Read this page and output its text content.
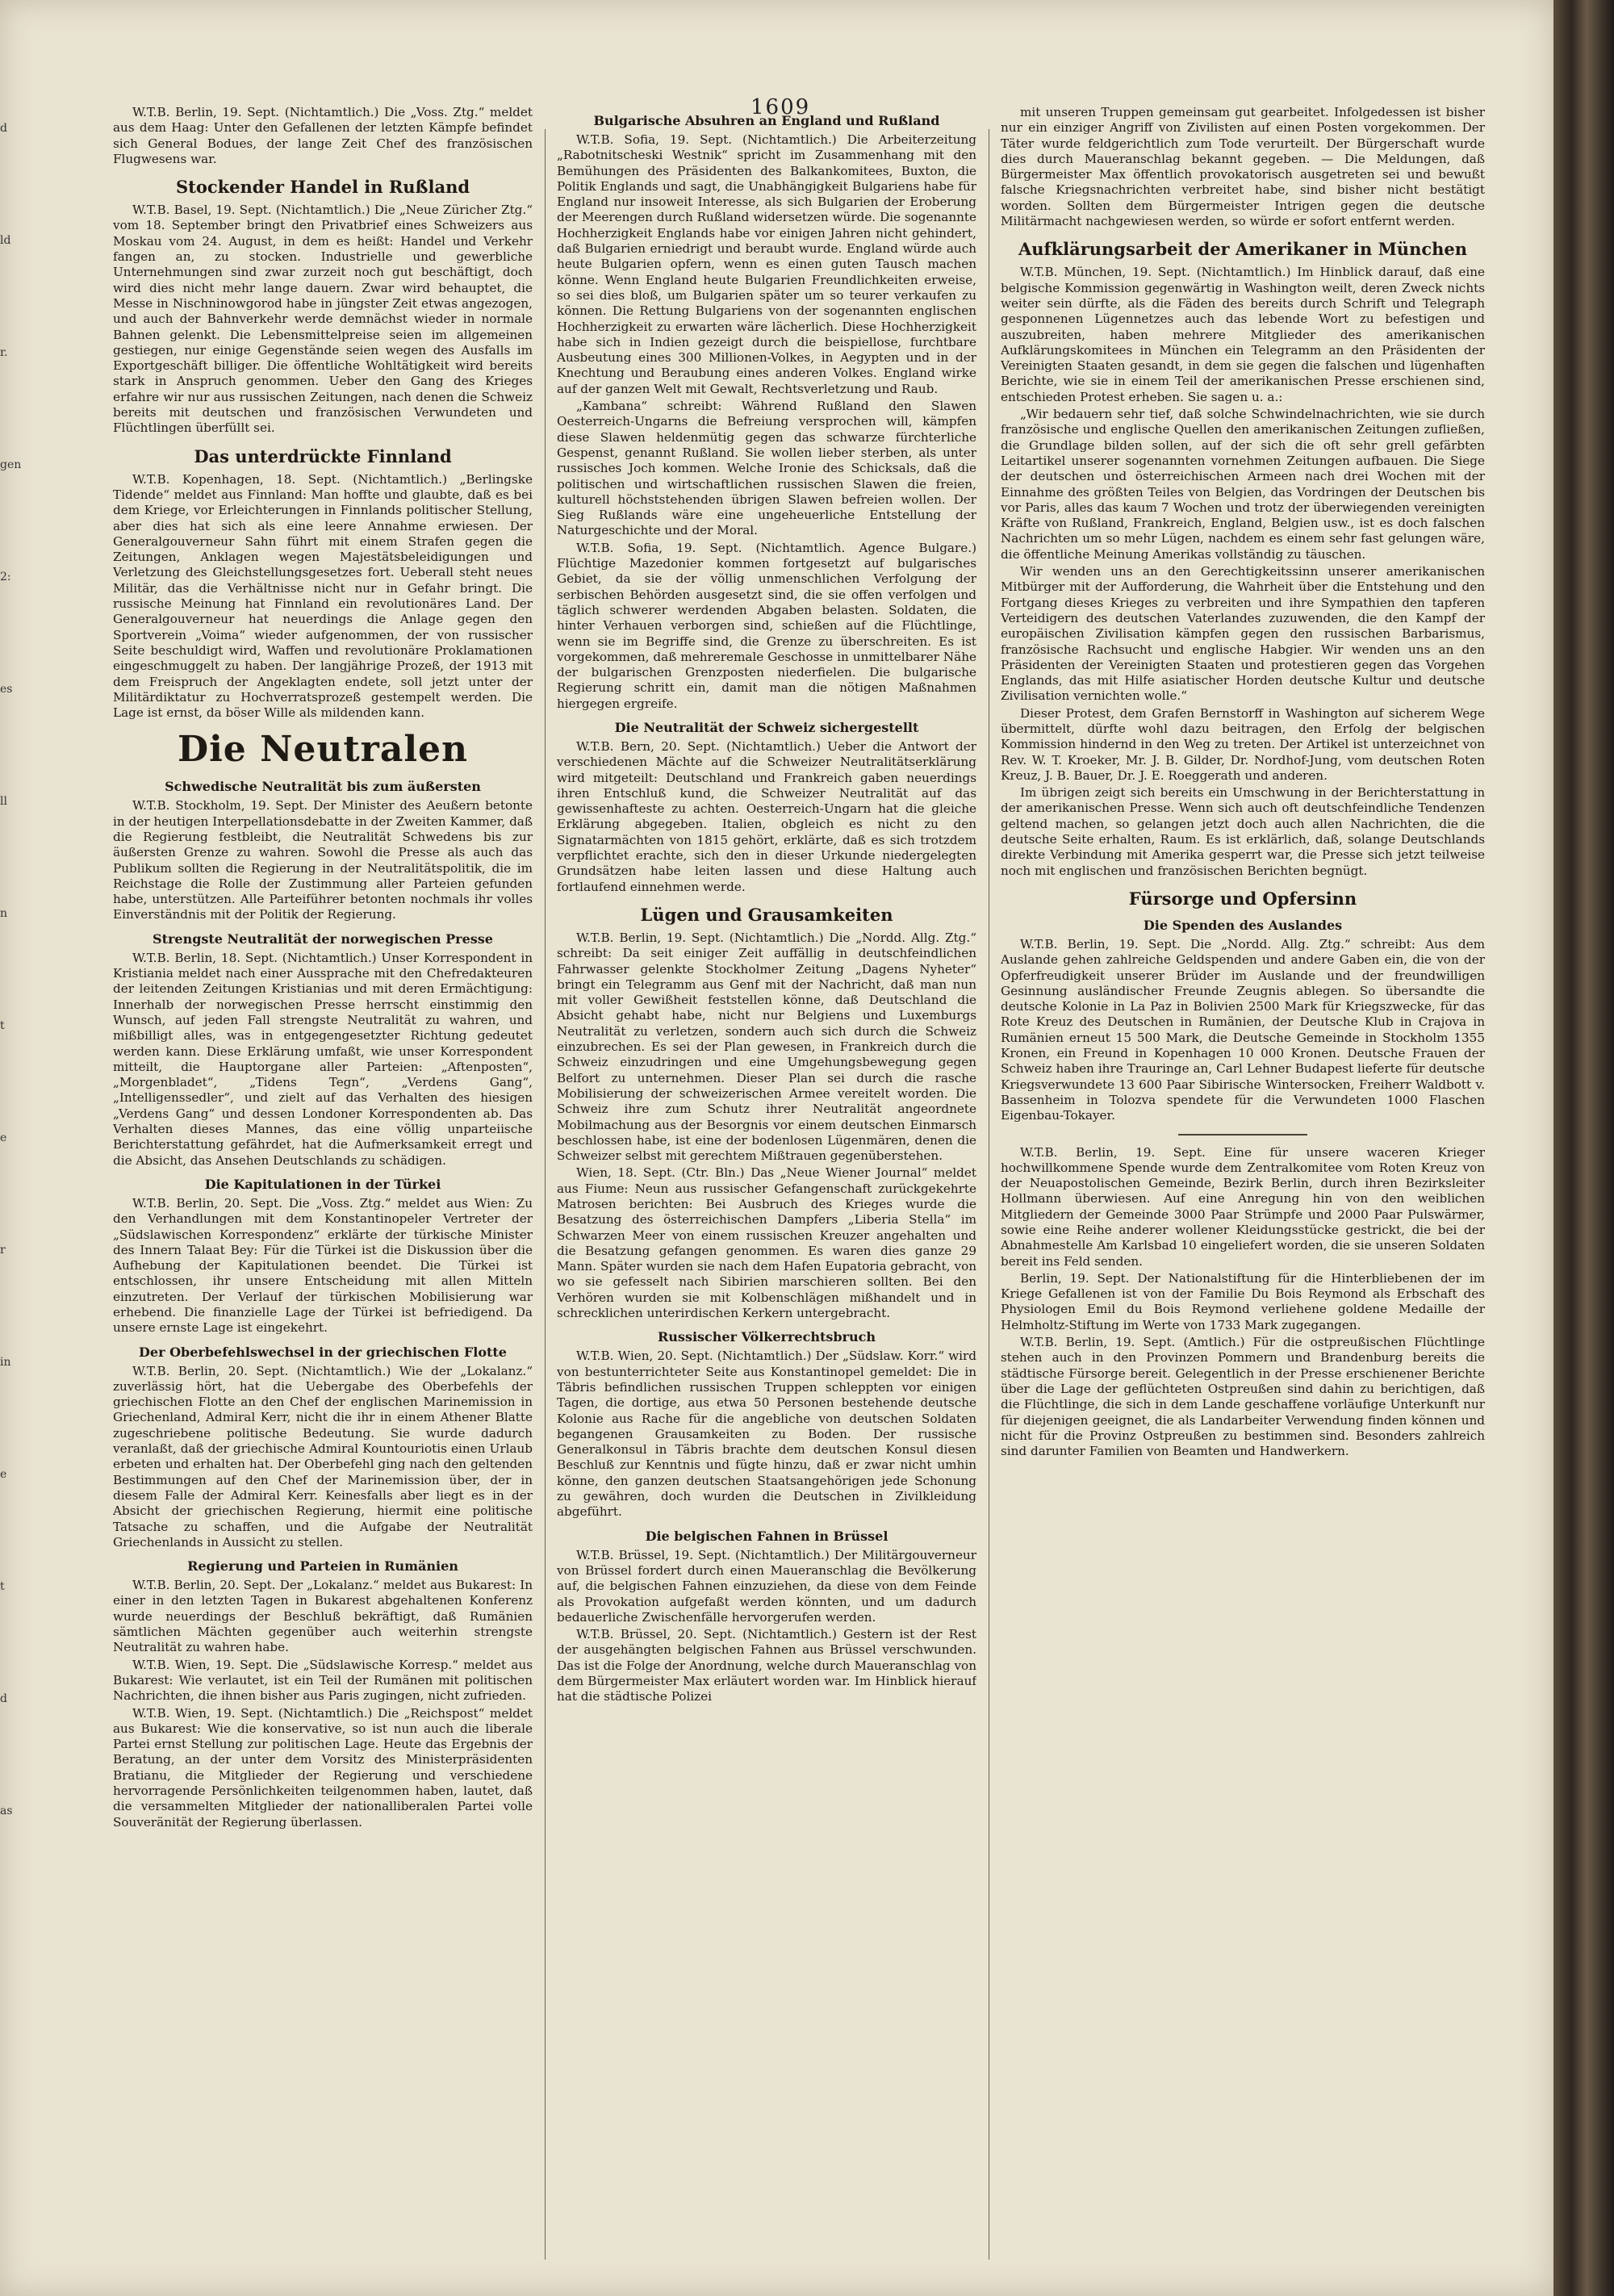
d
ld
r.
gen
2:
es
ll
n
t
e
r
in
e
t
d
as
1609

W.T.B. Berlin, 19. Sept. (Nichtamtlich.) Die „Voss. Ztg.“ meldet aus dem Haag: Unter den Gefallenen der letzten Kämpfe befindet sich General Bodues, der lange Zeit Chef des französischen Flugwesens war.

Stockender Handel in Rußland

W.T.B. Basel, 19. Sept. (Nichtamtlich.) Die „Neue Züricher Ztg.“ vom 18. September bringt den Privatbrief eines Schweizers aus Moskau vom 24. August, in dem es heißt: Handel und Verkehr fangen an, zu stocken. Industrielle und gewerbliche Unternehmungen sind zwar zurzeit noch gut beschäftigt, doch wird dies nicht mehr lange dauern. Zwar wird behauptet, die Messe in Nischninowgorod habe in jüngster Zeit etwas angezogen, und auch der Bahnverkehr werde demnächst wieder in normale Bahnen gelenkt. Die Lebensmittelpreise seien im allgemeinen gestiegen, nur einige Gegenstände seien wegen des Ausfalls im Exportgeschäft billiger. Die öffentliche Wohltätigkeit wird bereits stark in Anspruch genommen. Ueber den Gang des Krieges erfahre wir nur aus russischen Zeitungen, nach denen die Schweiz bereits mit deutschen und französischen Verwundeten und Flüchtlingen überfüllt sei.

Das unterdrückte Finnland

W.T.B. Kopenhagen, 18. Sept. (Nichtamtlich.) „Berlingske Tidende“ meldet aus Finnland: Man hoffte und glaubte, daß es bei dem Kriege, vor Erleichterungen in Finnlands politischer Stellung, aber dies hat sich als eine leere Annahme erwiesen. Der Generalgouverneur Sahn führt mit einem Strafen gegen die Zeitungen, Anklagen wegen Majestätsbeleidigungen und Verletzung des Gleichstellungsgesetzes fort. Ueberall steht neues Militär, das die Verhältnisse nicht nur in Gefahr bringt. Die russische Meinung hat Finnland ein revolutionäres Land. Der Generalgouverneur hat neuerdings die Anlage gegen den Sportverein „Voima“ wieder aufgenommen, der von russischer Seite beschuldigt wird, Waffen und revolutionäre Proklamationen eingeschmuggelt zu haben. Der langjährige Prozeß, der 1913 mit dem Freispruch der Angeklagten endete, soll jetzt unter der Militärdiktatur zu Hochverratsprozeß gestempelt werden. Die Lage ist ernst, da böser Wille als mildenden kann.

Die Neutralen
Schwedische Neutralität bis zum äußersten

W.T.B. Stockholm, 19. Sept. Der Minister des Aeußern betonte in der heutigen Interpellationsdebatte in der Zweiten Kammer, daß die Regierung festbleibt, die Neutralität Schwedens bis zur äußersten Grenze zu wahren. Sowohl die Presse als auch das Publikum sollten die Regierung in der Neutralitätspolitik, die im Reichstage die Rolle der Zustimmung aller Parteien gefunden habe, unterstützen. Alle Parteiführer betonten nochmals ihr volles Einverständnis mit der Politik der Regierung.

Strengste Neutralität der norwegischen Presse

W.T.B. Berlin, 18. Sept. (Nichtamtlich.) Unser Korrespondent in Kristiania meldet nach einer Aussprache mit den Chefredakteuren der leitenden Zeitungen Kristianias und mit deren Ermächtigung: Innerhalb der norwegischen Presse herrscht einstimmig den Wunsch, auf jeden Fall strengste Neutralität zu wahren, und mißbilligt alles, was in entgegengesetzter Richtung gedeutet werden kann. Diese Erklärung umfaßt, wie unser Korrespondent mitteilt, die Hauptorgane aller Parteien: „Aftenposten“, „Morgenbladet“, „Tidens Tegn“, „Verdens Gang“, „Intelligenssedler“, und zielt auf das Verhalten des hiesigen „Verdens Gang“ und dessen Londoner Korrespondenten ab. Das Verhalten dieses Mannes, das eine völlig unparteiische Berichterstattung gefährdet, hat die Aufmerksamkeit erregt und die Absicht, das Ansehen Deutschlands zu schädigen.

Die Kapitulationen in der Türkei

W.T.B. Berlin, 20. Sept. Die „Voss. Ztg.“ meldet aus Wien: Zu den Verhandlungen mit dem Konstantinopeler Vertreter der „Südslawischen Korrespondenz“ erklärte der türkische Minister des Innern Talaat Bey: Für die Türkei ist die Diskussion über die Aufhebung der Kapitulationen beendet. Die Türkei ist entschlossen, ihr unsere Entscheidung mit allen Mitteln einzutreten. Der Verlauf der türkischen Mobilisierung war erhebend. Die finanzielle Lage der Türkei ist befriedigend. Da unsere ernste Lage ist eingekehrt.

Der Oberbefehlswechsel in der griechischen Flotte

W.T.B. Berlin, 20. Sept. (Nichtamtlich.) Wie der „Lokalanz.“ zuverlässig hört, hat die Uebergabe des Oberbefehls der griechischen Flotte an den Chef der englischen Marinemission in Griechenland, Admiral Kerr, nicht die ihr in einem Athener Blatte zugeschriebene politische Bedeutung. Sie wurde dadurch veranlaßt, daß der griechische Admiral Kountouriotis einen Urlaub erbeten und erhalten hat. Der Oberbefehl ging nach den geltenden Bestimmungen auf den Chef der Marinemission über, der in diesem Falle der Admiral Kerr. Keinesfalls aber liegt es in der Absicht der griechischen Regierung, hiermit eine politische Tatsache zu schaffen, und die Aufgabe der Neutralität Griechenlands in Aussicht zu stellen.

Regierung und Parteien in Rumänien

W.T.B. Berlin, 20. Sept. Der „Lokalanz.“ meldet aus Bukarest: In einer in den letzten Tagen in Bukarest abgehaltenen Konferenz wurde neuerdings der Beschluß bekräftigt, daß Rumänien sämtlichen Mächten gegenüber auch weiterhin strengste Neutralität zu wahren habe.

W.T.B. Wien, 19. Sept. Die „Südslawische Korresp.“ meldet aus Bukarest: Wie verlautet, ist ein Teil der Rumänen mit politischen Nachrichten, die ihnen bisher aus Paris zugingen, nicht zufrieden.

W.T.B. Wien, 19. Sept. (Nichtamtlich.) Die „Reichspost“ meldet aus Bukarest: Wie die konservative, so ist nun auch die liberale Partei ernst Stellung zur politischen Lage. Heute das Ergebnis der Beratung, an der unter dem Vorsitz des Ministerpräsidenten Bratianu, die Mitglieder der Regierung und verschiedene hervorragende Persönlichkeiten teilgenommen haben, lautet, daß die versammelten Mitglieder der nationalliberalen Partei volle Souveränität der Regierung überlassen.

Bulgarische Absuhren an England und Rußland

W.T.B. Sofia, 19. Sept. (Nichtamtlich.) Die Arbeiterzeitung „Rabotnitscheski Westnik“ spricht im Zusammenhang mit den Bemühungen des Präsidenten des Balkankomitees, Buxton, die Politik Englands und sagt, die Unabhängigkeit Bulgariens habe für England nur insoweit Interesse, als sich Bulgarien der Eroberung der Meerengen durch Rußland widersetzen würde. Die sogenannte Hochherzigkeit Englands habe vor einigen Jahren nicht gehindert, daß Bulgarien erniedrigt und beraubt wurde. England würde auch heute Bulgarien opfern, wenn es einen guten Tausch machen könne. Wenn England heute Bulgarien Freundlichkeiten erweise, so sei dies bloß, um Bulgarien später um so teurer verkaufen zu können. Die Rettung Bulgariens von der sogenannten englischen Hochherzigkeit zu erwarten wäre lächerlich. Diese Hochherzigkeit habe sich in Indien gezeigt durch die beispiellose, furchtbare Ausbeutung eines 300 Millionen-Volkes, in Aegypten und in der Knechtung und Beraubung eines anderen Volkes. England wirke auf der ganzen Welt mit Gewalt, Rechtsverletzung und Raub.

„Kambana“ schreibt: Während Rußland den Slawen Oesterreich-Ungarns die Befreiung versprochen will, kämpfen diese Slawen heldenmütig gegen das schwarze fürchterliche Gespenst, genannt Rußland. Sie wollen lieber sterben, als unter russisches Joch kommen. Welche Ironie des Schicksals, daß die politischen und wirtschaftlichen russischen Slawen die freien, kulturell höchststehenden übrigen Slawen befreien wollen. Der Sieg Rußlands wäre eine ungeheuerliche Entstellung der Naturgeschichte und der Moral.

W.T.B. Sofia, 19. Sept. (Nichtamtlich. Agence Bulgare.) Flüchtige Mazedonier kommen fortgesetzt auf bulgarisches Gebiet, da sie der völlig unmenschlichen Verfolgung der serbischen Behörden ausgesetzt sind, die sie offen verfolgen und täglich schwerer werdenden Abgaben belasten. Soldaten, die hinter Verhauen verborgen sind, schießen auf die Flüchtlinge, wenn sie im Begriffe sind, die Grenze zu überschreiten. Es ist vorgekommen, daß mehreremale Geschosse in unmittelbarer Nähe der bulgarischen Grenzposten niederfielen. Die bulgarische Regierung schritt ein, damit man die nötigen Maßnahmen hiergegen ergreife.

Die Neutralität der Schweiz sichergestellt

W.T.B. Bern, 20. Sept. (Nichtamtlich.) Ueber die Antwort der verschiedenen Mächte auf die Schweizer Neutralitätserklärung wird mitgeteilt: Deutschland und Frankreich gaben neuerdings ihren Entschluß kund, die Schweizer Neutralität auf das gewissenhafteste zu achten. Oesterreich-Ungarn hat die gleiche Erklärung abgegeben. Italien, obgleich es nicht zu den Signatarmächten von 1815 gehört, erklärte, daß es sich trotzdem verpflichtet erachte, sich den in dieser Urkunde niedergelegten Grundsätzen habe leiten lassen und diese Haltung auch fortlaufend einnehmen werde.

Lügen und Grausamkeiten

W.T.B. Berlin, 19. Sept. (Nichtamtlich.) Die „Nordd. Allg. Ztg.“ schreibt: Da seit einiger Zeit auffällig in deutschfeindlichen Fahrwasser gelenkte Stockholmer Zeitung „Dagens Nyheter“ bringt ein Telegramm aus Genf mit der Nachricht, daß man nun mit voller Gewißheit feststellen könne, daß Deutschland die Absicht gehabt habe, nicht nur Belgiens und Luxemburgs Neutralität zu verletzen, sondern auch sich durch die Schweiz einzubrechen. Es sei der Plan gewesen, in Frankreich durch die Schweiz einzudringen und eine Umgehungsbewegung gegen Belfort zu unternehmen. Dieser Plan sei durch die rasche Mobilisierung der schweizerischen Armee vereitelt worden. Die Schweiz ihre zum Schutz ihrer Neutralität angeordnete Mobilmachung aus der Besorgnis vor einem deutschen Einmarsch beschlossen habe, ist eine der bodenlosen Lügenmären, denen die Schweizer selbst mit gerechtem Mißtrauen gegenüberstehen.

Wien, 18. Sept. (Ctr. Bln.) Das „Neue Wiener Journal“ meldet aus Fiume: Neun aus russischer Gefangenschaft zurückgekehrte Matrosen berichten: Bei Ausbruch des Krieges wurde die Besatzung des österreichischen Dampfers „Liberia Stella“ im Schwarzen Meer von einem russischen Kreuzer angehalten und die Besatzung gefangen genommen. Es waren dies ganze 29 Mann. Später wurden sie nach dem Hafen Eupatoria gebracht, von wo sie gefesselt nach Sibirien marschieren sollten. Bei den Verhören wurden sie mit Kolbenschlägen mißhandelt und in schrecklichen unterirdischen Kerkern untergebracht.

Russischer Völkerrechtsbruch

W.T.B. Wien, 20. Sept. (Nichtamtlich.) Der „Südslaw. Korr.“ wird von bestunterrichteter Seite aus Konstantinopel gemeldet: Die in Täbris befindlichen russischen Truppen schleppten vor einigen Tagen, die dortige, aus etwa 50 Personen bestehende deutsche Kolonie aus Rache für die angebliche von deutschen Soldaten begangenen Grausamkeiten zu Boden. Der russische Generalkonsul in Täbris brachte dem deutschen Konsul diesen Beschluß zur Kenntnis und fügte hinzu, daß er zwar nicht umhin könne, den ganzen deutschen Staatsangehörigen jede Schonung zu gewähren, doch wurden die Deutschen in Zivilkleidung abgeführt.

Die belgischen Fahnen in Brüssel

W.T.B. Brüssel, 19. Sept. (Nichtamtlich.) Der Militärgouverneur von Brüssel fordert durch einen Maueranschlag die Bevölkerung auf, die belgischen Fahnen einzuziehen, da diese von dem Feinde als Provokation aufgefaßt werden könnten, und um dadurch bedauerliche Zwischenfälle hervorgerufen werden.

W.T.B. Brüssel, 20. Sept. (Nichtamtlich.) Gestern ist der Rest der ausgehängten belgischen Fahnen aus Brüssel verschwunden. Das ist die Folge der Anordnung, welche durch Maueranschlag von dem Bürgermeister Max erläutert worden war. Im Hinblick hierauf hat die städtische Polizei

mit unseren Truppen gemeinsam gut gearbeitet. Infolgedessen ist bisher nur ein einziger Angriff von Zivilisten auf einen Posten vorgekommen. Der Täter wurde feldgerichtlich zum Tode verurteilt. Der Bürgerschaft wurde dies durch Maueranschlag bekannt gegeben. — Die Meldungen, daß Bürgermeister Max öffentlich provokatorisch ausgetreten sei und bewußt falsche Kriegsnachrichten verbreitet habe, sind bisher nicht bestätigt worden. Sollten dem Bürgermeister Intrigen gegen die deutsche Militärmacht nachgewiesen werden, so würde er sofort entfernt werden.

Aufklärungsarbeit der Amerikaner in München

W.T.B. München, 19. Sept. (Nichtamtlich.) Im Hinblick darauf, daß eine belgische Kommission gegenwärtig in Washington weilt, deren Zweck nichts weiter sein dürfte, als die Fäden des bereits durch Schrift und Telegraph gesponnenen Lügennetzes auch das lebende Wort zu befestigen und auszubreiten, haben mehrere Mitglieder des amerikanischen Aufklärungskomitees in München ein Telegramm an den Präsidenten der Vereinigten Staaten gesandt, in dem sie gegen die falschen und lügenhaften Berichte, wie sie in einem Teil der amerikanischen Presse erschienen sind, entschieden Protest erheben. Sie sagen u. a.:

„Wir bedauern sehr tief, daß solche Schwindelnachrichten, wie sie durch französische und englische Quellen den amerikanischen Zeitungen zufließen, die Grundlage bilden sollen, auf der sich die oft sehr grell gefärbten Leitartikel unserer sogenannten vornehmen Zeitungen aufbauen. Die Siege der deutschen und österreichischen Armeen nach drei Wochen mit der Einnahme des größten Teiles von Belgien, das Vordringen der Deutschen bis vor Paris, alles das kaum 7 Wochen und trotz der überwiegenden vereinigten Kräfte von Rußland, Frankreich, England, Belgien usw., ist es doch falschen Nachrichten um so mehr Lügen, nachdem es einem sehr fast gelungen wäre, die öffentliche Meinung Amerikas vollständig zu täuschen.

Wir wenden uns an den Gerechtigkeitssinn unserer amerikanischen Mitbürger mit der Aufforderung, die Wahrheit über die Entstehung und den Fortgang dieses Krieges zu verbreiten und ihre Sympathien den tapferen Verteidigern des deutschen Vaterlandes zuzuwenden, die den Kampf der europäischen Zivilisation kämpfen gegen den russischen Barbarismus, französische Rachsucht und englische Habgier. Wir wenden uns an den Präsidenten der Vereinigten Staaten und protestieren gegen das Vorgehen Englands, das mit Hilfe asiatischer Horden deutsche Kultur und deutsche Zivilisation vernichten wolle.“

Dieser Protest, dem Grafen Bernstorff in Washington auf sicherem Wege übermittelt, dürfte wohl dazu beitragen, den Erfolg der belgischen Kommission hindernd in den Weg zu treten. Der Artikel ist unterzeichnet von Rev. W. T. Kroeker, Mr. J. B. Gilder, Dr. Nordhof-Jung, vom deutschen Roten Kreuz, J. B. Bauer, Dr. J. E. Roeggerath und anderen.

Im übrigen zeigt sich bereits ein Umschwung in der Berichterstattung in der amerikanischen Presse. Wenn sich auch oft deutschfeindliche Tendenzen geltend machen, so gelangen jetzt doch auch allen Nachrichten, die die deutsche Seite erhalten, Raum. Es ist erklärlich, daß, solange Deutschlands direkte Verbindung mit Amerika gesperrt war, die Presse sich jetzt teilweise noch mit englischen und französischen Berichten begnügt.

Fürsorge und Opfersinn
Die Spenden des Auslandes

W.T.B. Berlin, 19. Sept. Die „Nordd. Allg. Ztg.“ schreibt: Aus dem Auslande gehen zahlreiche Geldspenden und andere Gaben ein, die von der Opferfreudigkeit unserer Brüder im Auslande und der freundwilligen Gesinnung ausländischer Freunde Zeugnis ablegen. So übersandte die deutsche Kolonie in La Paz in Bolivien 2500 Mark für Kriegszwecke, für das Rote Kreuz des Deutschen in Rumänien, der Deutsche Klub in Crajova in Rumänien erneut 15 500 Mark, die Deutsche Gemeinde in Stockholm 1355 Kronen, ein Freund in Kopenhagen 10 000 Kronen. Deutsche Frauen der Schweiz haben ihre Trauringe an, Carl Lehner Budapest lieferte für deutsche Kriegsverwundete 13 600 Paar Sibirische Wintersocken, Freiherr Waldbott v. Bassenheim in Tolozva spendete für die Verwundeten 1000 Flaschen Eigenbau-Tokayer.

W.T.B. Berlin, 19. Sept. Eine für unsere waceren Krieger hochwillkommene Spende wurde dem Zentralkomitee vom Roten Kreuz von der Neuapostolischen Gemeinde, Bezirk Berlin, durch ihren Bezirksleiter Hollmann überwiesen. Auf eine Anregung hin von den weiblichen Mitgliedern der Gemeinde 3000 Paar Strümpfe und 2000 Paar Pulswärmer, sowie eine Reihe anderer wollener Kleidungsstücke gestrickt, die bei der Abnahmestelle Am Karlsbad 10 eingeliefert worden, die sie unseren Soldaten bereit ins Feld senden.

Berlin, 19. Sept. Der Nationalstiftung für die Hinterbliebenen der im Kriege Gefallenen ist von der Familie Du Bois Reymond als Erbschaft des Physiologen Emil du Bois Reymond verliehene goldene Medaille der Helmholtz-Stiftung im Werte von 1733 Mark zugegangen.

W.T.B. Berlin, 19. Sept. (Amtlich.) Für die ostpreußischen Flüchtlinge stehen auch in den Provinzen Pommern und Brandenburg bereits die städtische Fürsorge bereit. Gelegentlich in der Presse erschienener Berichte über die Lage der geflüchteten Ostpreußen sind dahin zu berichtigen, daß die Flüchtlinge, die sich in dem Lande geschaffene vorläufige Unterkunft nur für diejenigen geeignet, die als Landarbeiter Verwendung finden können und nicht für die Provinz Ostpreußen zu bestimmen sind. Besonders zahlreich sind darunter Familien von Beamten und Handwerkern.
